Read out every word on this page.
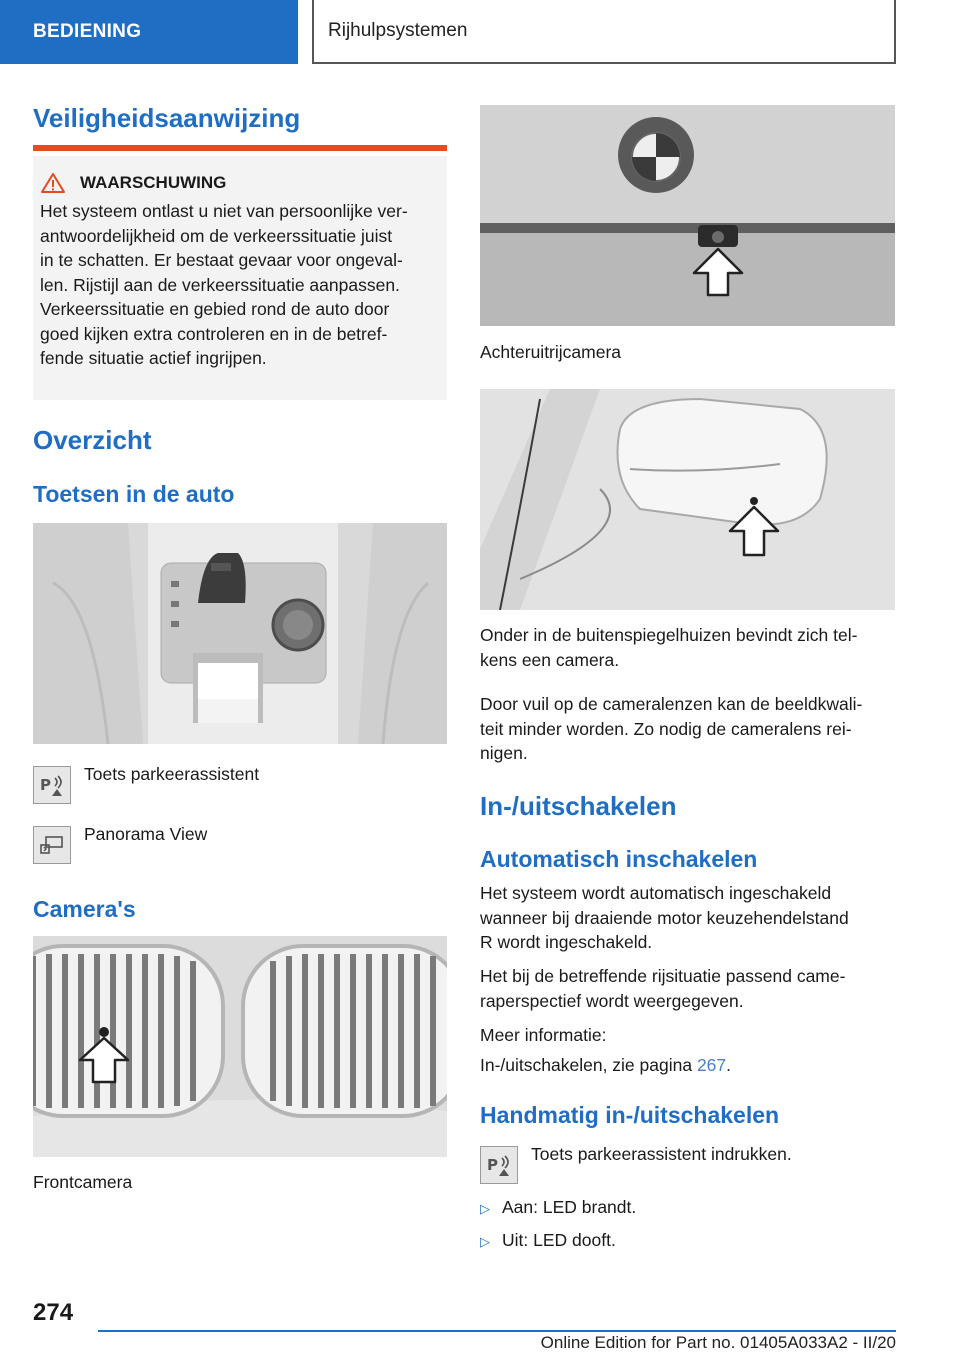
BEDIENING	Rijhulpsystemen
Veiligheidsaanwijzing
WAARSCHUWING
Het systeem ontlast u niet van persoonlijke ver-
antwoordelijkheid om de verkeerssituatie juist
in te schatten. Er bestaat gevaar voor ongeval-
len. Rijstijl aan de verkeerssituatie aanpassen.
Verkeerssituatie en gebied rond de auto door
goed kijken extra controleren en in de betref-
fende situatie actief ingrijpen.
Overzicht
Toetsen in de auto
P
Toets parkeerassistent
Panorama View
Camera's
Frontcamera
Achteruitrijcamera
Onder in de buitenspiegelhuizen bevindt zich tel-
kens een camera.
Door vuil op de cameralenzen kan de beeldkwali-
teit minder worden. Zo nodig de cameralens rei-
nigen.
In-/uitschakelen
Automatisch inschakelen
Het systeem wordt automatisch ingeschakeld
wanneer bij draaiende motor keuzehendelstand
R wordt ingeschakeld.
Het bij de betreffende rijsituatie passend came-
raperspectief wordt weergegeven.
Meer informatie:
In-/uitschakelen, zie pagina 267.
Handmatig in-/uitschakelen
P
Toets parkeerassistent indrukken.
▷ Aan: LED brandt.
▷ Uit: LED dooft.
274
Online Edition for Part no. 01405A033A2 - II/20
